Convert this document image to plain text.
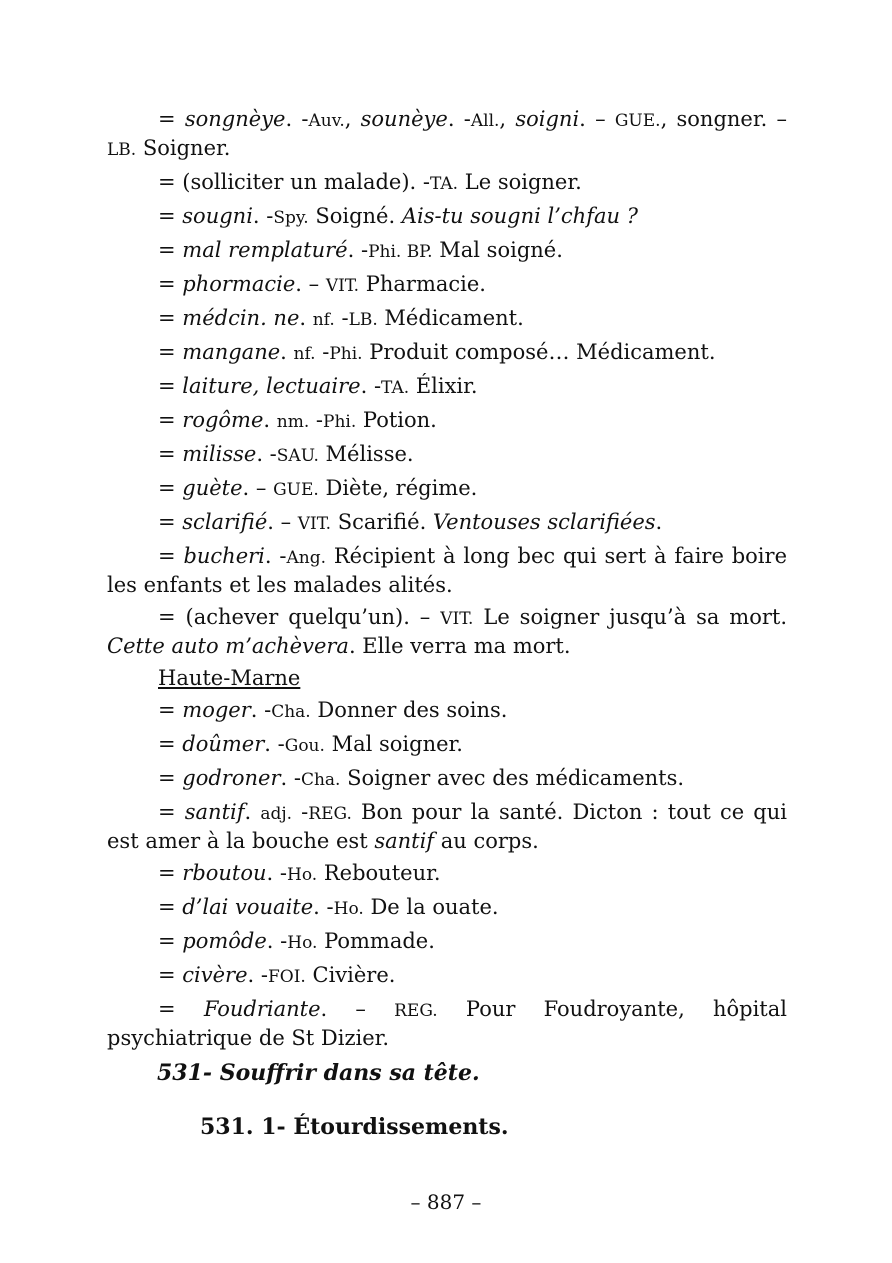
= songnèye. -Auv., sounèye. -All., soigni. – GUE., songner. – LB. Soigner.

= (solliciter un malade). -TA. Le soigner.

= sougni. -Spy. Soigné. Ais-tu sougni l’chfau ?

= mal remplaturé. -Phi. BP. Mal soigné.

= phormacie. – VIT. Pharmacie.

= médcin. ne. nf. -LB. Médicament.

= mangane. nf. -Phi. Produit composé… Médicament.

= laiture, lectuaire. -TA. Élixir.

= rogôme. nm. -Phi. Potion.

= milisse. -SAU. Mélisse.

= guète. – GUE. Diète, régime.

= sclarifié. – VIT. Scarifié. Ventouses sclarifiées.

= bucheri. -Ang. Récipient à long bec qui sert à faire boire les enfants et les malades alités.

= (achever quelqu’un). – VIT. Le soigner jusqu’à sa mort. Cette auto m’achèvera. Elle verra ma mort.

Haute-Marne

= moger. -Cha. Donner des soins.

= doûmer. -Gou. Mal soigner.

= godroner. -Cha. Soigner avec des médicaments.

= santif. adj. -REG. Bon pour la santé. Dicton : tout ce qui est amer à la bouche est santif au corps.

= rboutou. -Ho. Rebouteur.

= d’lai vouaite. -Ho. De la ouate.

= pomôde. -Ho. Pommade.

= civère. -FOI. Civière.

= Foudriante. – REG. Pour Foudroyante, hôpital psychiatrique de St Dizier.

531- Souffrir dans sa tête.
531. 1- Étourdissements.
– 887 –
